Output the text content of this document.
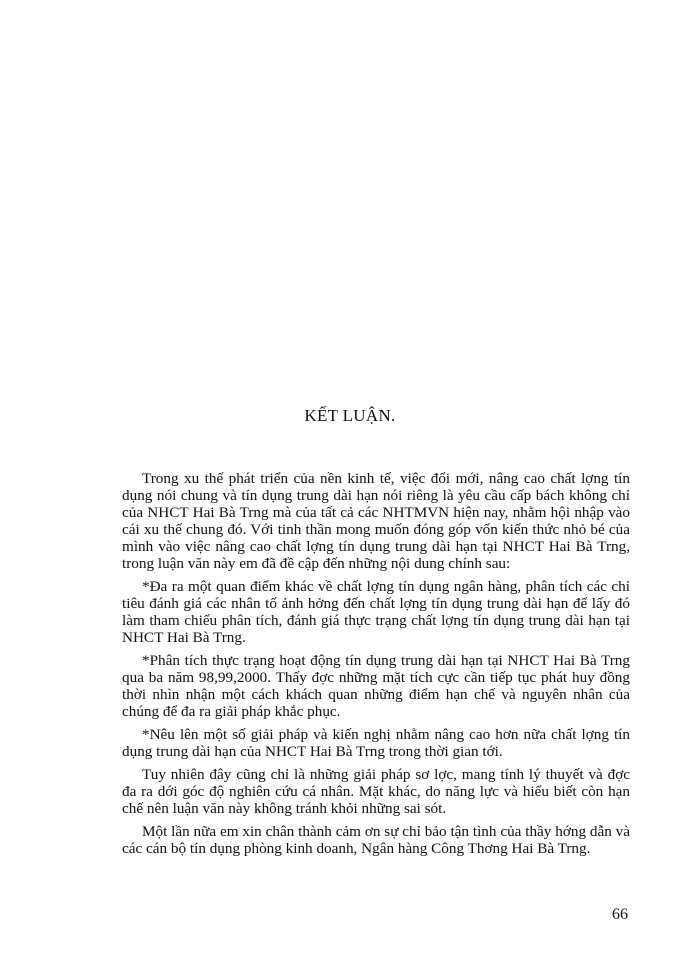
KẾT LUẬN.

Trong xu thế phát triển của nền kinh tế, việc đổi mới, nâng cao chất lợng tín dụng nói chung và tín dụng trung dài hạn nói riêng là yêu cầu cấp bách không chỉ của NHCT Hai Bà Trng mà của tất cả các NHTMVN hiện nay, nhằm hội nhập vào cái xu thế chung đó. Với tinh thần mong muốn đóng góp vốn kiến thức nhỏ bé của mình vào việc nâng cao chất lợng tín dụng trung dài hạn tại NHCT Hai Bà Trng, trong luận văn này em đã đề cập đến những nội dung chính sau:

*Đa ra một quan điểm khác về chất lợng tín dụng ngân hàng, phân tích các chỉ tiêu đánh giá các nhân tố ảnh hởng đến chất lợng tín dụng trung dài hạn để lấy đó làm tham chiếu phân tích, đánh giá thực trạng chất lợng tín dụng trung dài hạn tại NHCT Hai Bà Trng.

*Phân tích thực trạng hoạt động tín dụng trung dài hạn tại NHCT Hai Bà Trng qua ba năm 98,99,2000. Thấy đợc những mặt tích cực cần tiếp tục phát huy đồng thời nhìn nhận một cách khách quan những điểm hạn chế và nguyên nhân của chúng để đa ra giải pháp khắc phục.

*Nêu lên một số giải pháp và kiến nghị nhằm nâng cao hơn nữa chất lợng tín dụng trung dài hạn của NHCT Hai Bà Trng trong thời gian tới.

Tuy nhiên đây cũng chỉ là những giải pháp sơ lợc, mang tính lý thuyết và đợc đa ra dới góc độ nghiên cứu cá nhân. Mặt khác, do năng lực và hiểu biết còn hạn chế nên luận văn này không tránh khỏi những sai sót.

Một lần nữa em xin chân thành cảm ơn sự chỉ bảo tận tình của thầy hớng dẫn và các cán bộ tín dụng phòng kinh doanh, Ngân hàng Công Thơng Hai Bà Trng.

66
